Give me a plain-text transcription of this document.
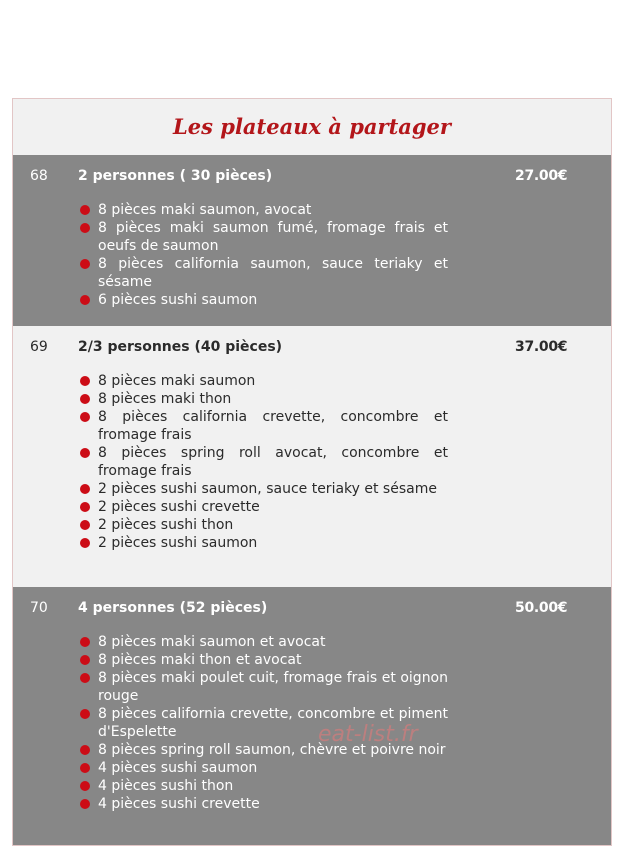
Les plateaux à partager
68 2 personnes ( 30 pièces)	27.00€
8 pièces maki saumon, avocat
8 pièces maki saumon fumé, fromage frais et oeufs de saumon
8 pièces california saumon, sauce teriaky et sésame
6 pièces sushi saumon
69 2/3 personnes (40 pièces)	37.00€
8 pièces maki saumon
8 pièces maki thon
8 pièces california crevette, concombre et fromage frais
8 pièces spring roll avocat, concombre et fromage frais
2 pièces sushi saumon, sauce teriaky et sésame
2 pièces sushi crevette
2 pièces sushi thon
2 pièces sushi saumon
70 4 personnes (52 pièces)	50.00€
8 pièces maki saumon et avocat
8 pièces maki thon et avocat
8 pièces maki poulet cuit, fromage frais et oignon rouge
8 pièces california crevette, concombre et piment d'Espelette
8 pièces spring roll saumon, chèvre et poivre noir
4 pièces sushi saumon
4 pièces sushi thon
4 pièces sushi crevette
eat-list.fr
